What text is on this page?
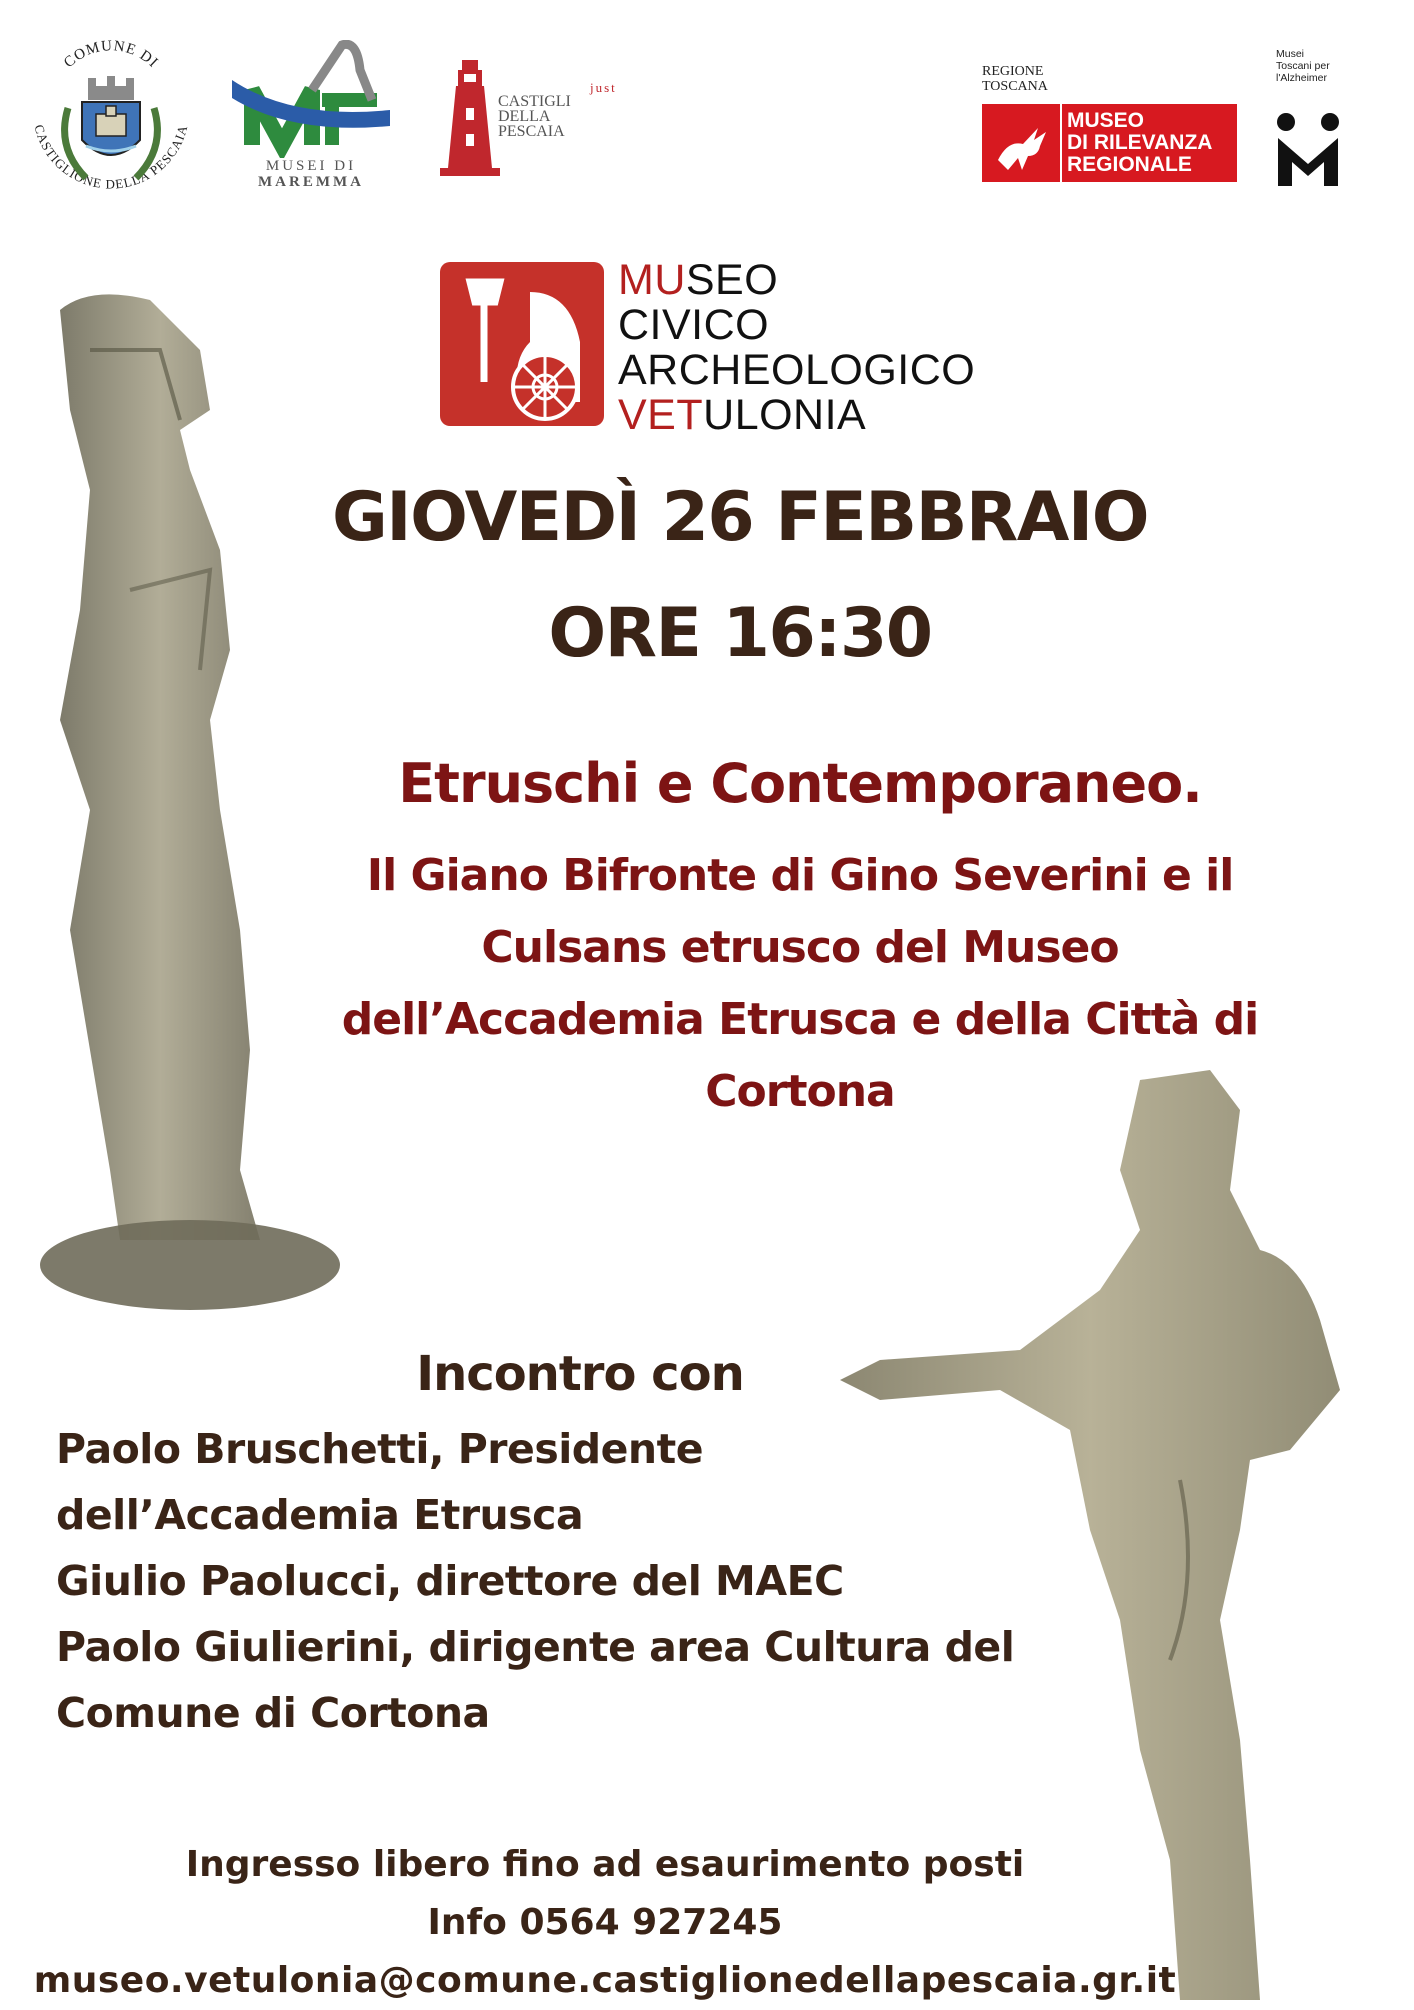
COMUNE DI
CASTIGLIONE DELLA PESCAIA
MUSEI DI
MAREMMA
just
CASTIGLI
DELLA
PESCAIA
REGIONE
TOSCANA
MUSEO
DI RILEVANZA
REGIONALE
Musei
Toscani per
l'Alzheimer
MUSEO
CIVICO
ARCHEOLOGICO
VETULONIA
GIOVEDÌ 26 FEBBRAIO
ORE 16:30
Etruschi e Contemporaneo.
Il Giano Bifronte di Gino Severini e il
Culsans etrusco del Museo
dell’Accademia Etrusca e della Città di
Cortona
Incontro con
Paolo Bruschetti, Presidente
dell’Accademia Etrusca
Giulio Paolucci, direttore del MAEC
Paolo Giulierini, dirigente area Cultura del
Comune di Cortona
Ingresso libero fino ad esaurimento posti
Info 0564 927245
museo.vetulonia@comune.castiglionedellapescaia.gr.it
